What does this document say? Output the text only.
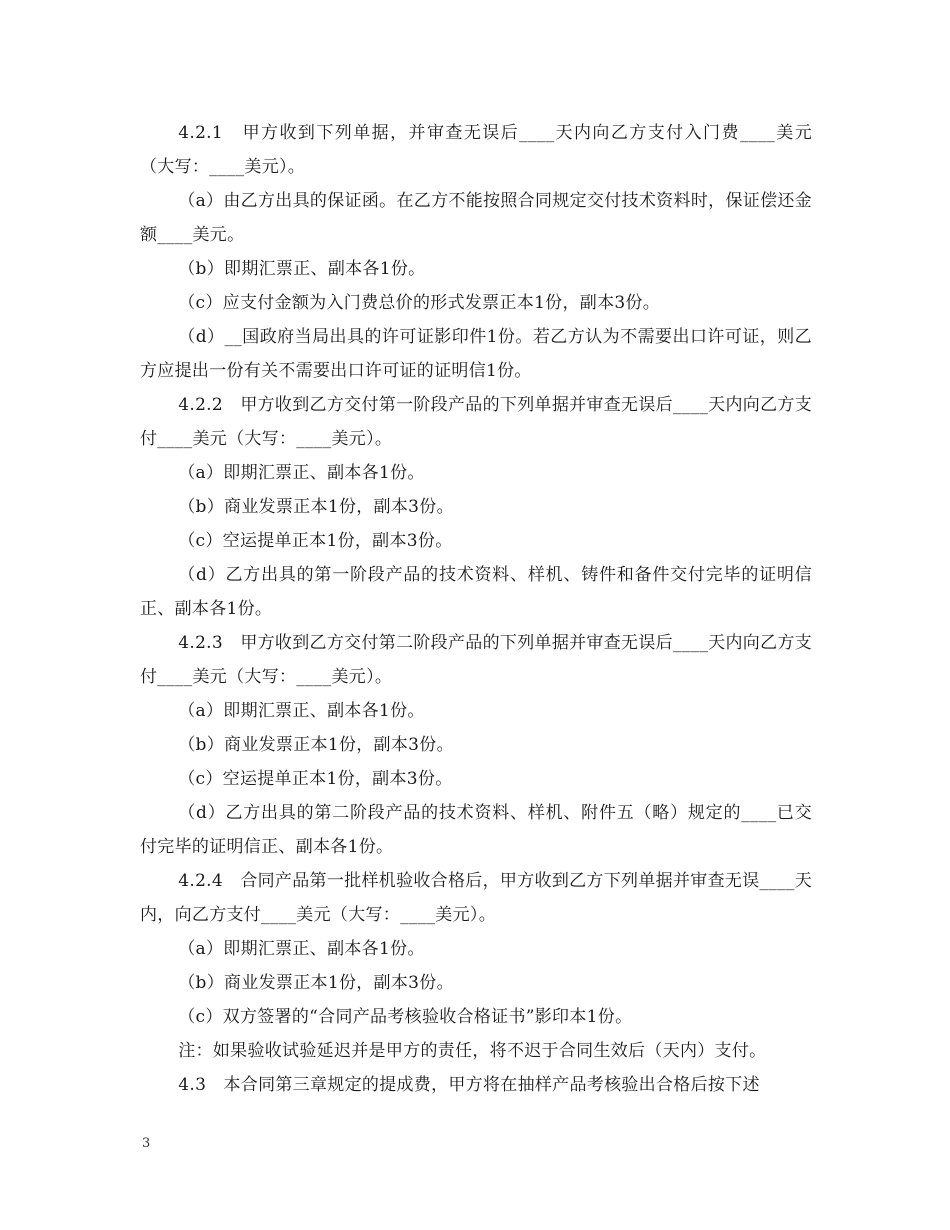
4.2.1　甲方收到下列单据，并审查无误后____天内向乙方支付入门费____美元（大写：____美元）。

（a）由乙方出具的保证函。在乙方不能按照合同规定交付技术资料时，保证偿还金额____美元。

（b）即期汇票正、副本各1份。

（c）应支付金额为入门费总价的形式发票正本1份，副本3份。

（d）__国政府当局出具的许可证影印件1份。若乙方认为不需要出口许可证，则乙方应提出一份有关不需要出口许可证的证明信1份。

4.2.2　甲方收到乙方交付第一阶段产品的下列单据并审查无误后____天内向乙方支付____美元（大写：____美元）。

（a）即期汇票正、副本各1份。

（b）商业发票正本1份，副本3份。

（c）空运提单正本1份，副本3份。

（d）乙方出具的第一阶段产品的技术资料、样机、铸件和备件交付完毕的证明信正、副本各1份。

4.2.3　甲方收到乙方交付第二阶段产品的下列单据并审查无误后____天内向乙方支付____美元（大写：____美元）。

（a）即期汇票正、副本各1份。

（b）商业发票正本1份，副本3份。

（c）空运提单正本1份，副本3份。

（d）乙方出具的第二阶段产品的技术资料、样机、附件五（略）规定的____已交付完毕的证明信正、副本各1份。

4.2.4　合同产品第一批样机验收合格后，甲方收到乙方下列单据并审查无误____天内，向乙方支付____美元（大写：____美元）。

（a）即期汇票正、副本各1份。

（b）商业发票正本1份，副本3份。

（c）双方签署的“合同产品考核验收合格证书”影印本1份。

注：如果验收试验延迟并是甲方的责任，将不迟于合同生效后（天内）支付。

4.3　本合同第三章规定的提成费，甲方将在抽样产品考核验出合格后按下述

3
